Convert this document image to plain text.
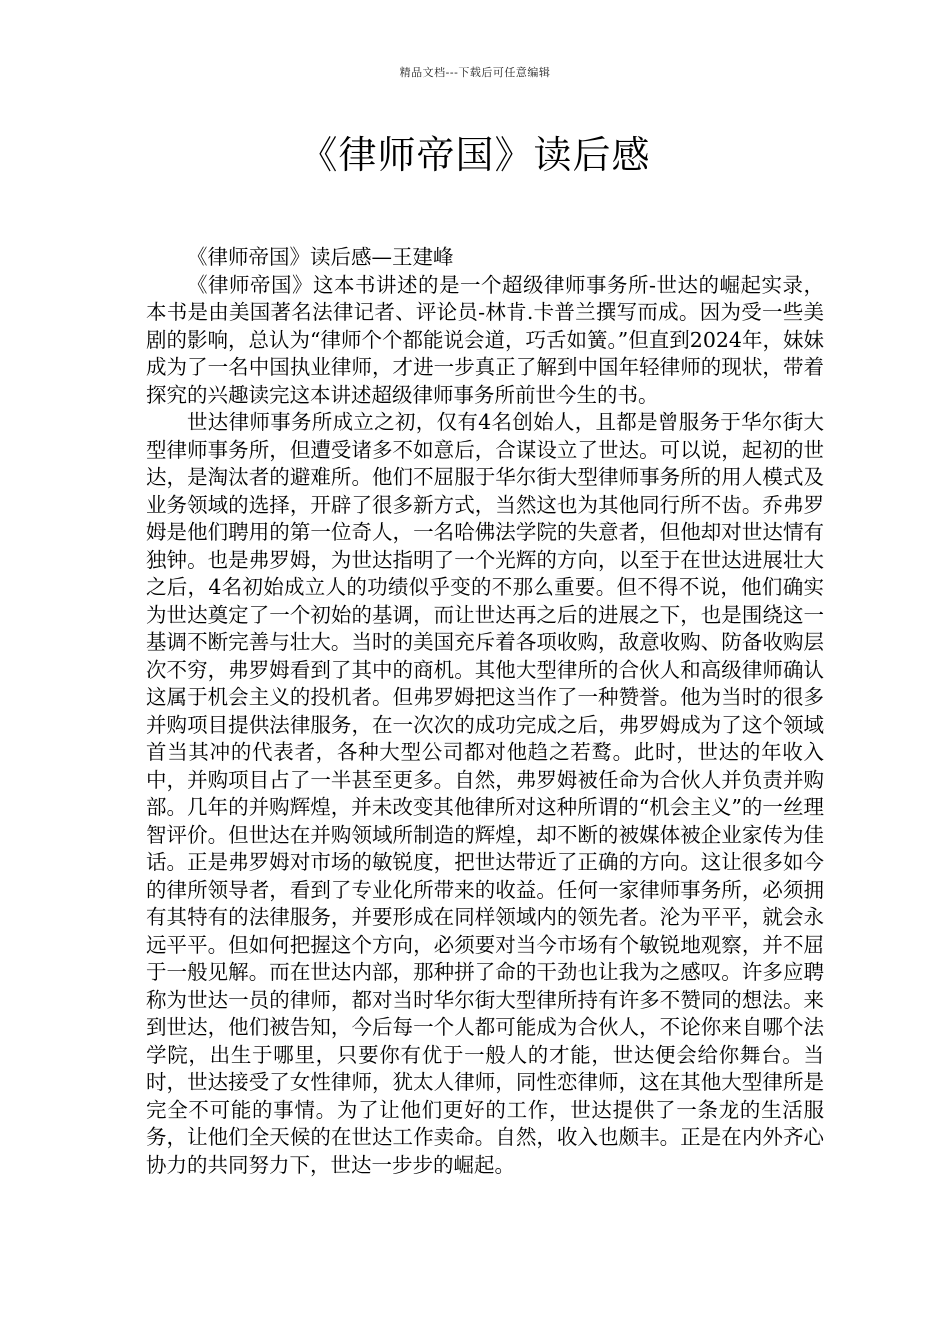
精品文档---下载后可任意编辑
《律师帝国》读后感

《律师帝国》读后感—王建峰

《律师帝国》这本书讲述的是一个超级律师事务所-世达的崛起实录，本书是由美国著名法律记者、评论员-林肯.卡普兰撰写而成。因为受一些美剧的影响，总认为“律师个个都能说会道，巧舌如簧。”但直到2024年，妹妹成为了一名中国执业律师，才进一步真正了解到中国年轻律师的现状，带着探究的兴趣读完这本讲述超级律师事务所前世今生的书。

世达律师事务所成立之初，仅有4名创始人，且都是曾服务于华尔街大型律师事务所，但遭受诸多不如意后，合谋设立了世达。可以说，起初的世达，是淘汰者的避难所。他们不屈服于华尔街大型律师事务所的用人模式及业务领域的选择，开辟了很多新方式，当然这也为其他同行所不齿。乔弗罗姆是他们聘用的第一位奇人，一名哈佛法学院的失意者，但他却对世达情有独钟。也是弗罗姆，为世达指明了一个光辉的方向，以至于在世达进展壮大之后，4名初始成立人的功绩似乎变的不那么重要。但不得不说，他们确实为世达奠定了一个初始的基调，而让世达再之后的进展之下，也是围绕这一基调不断完善与壮大。当时的美国充斥着各项收购，敌意收购、防备收购层次不穷，弗罗姆看到了其中的商机。其他大型律所的合伙人和高级律师确认这属于机会主义的投机者。但弗罗姆把这当作了一种赞誉。他为当时的很多并购项目提供法律服务，在一次次的成功完成之后，弗罗姆成为了这个领域首当其冲的代表者，各种大型公司都对他趋之若鹜。此时，世达的年收入中，并购项目占了一半甚至更多。自然，弗罗姆被任命为合伙人并负责并购部。几年的并购辉煌，并未改变其他律所对这种所谓的“机会主义”的一丝理智评价。但世达在并购领域所制造的辉煌，却不断的被媒体被企业家传为佳话。正是弗罗姆对市场的敏锐度，把世达带近了正确的方向。这让很多如今的律所领导者，看到了专业化所带来的收益。任何一家律师事务所，必须拥有其特有的法律服务，并要形成在同样领域内的领先者。沦为平平，就会永远平平。但如何把握这个方向，必须要对当今市场有个敏锐地观察，并不屈于一般见解。而在世达内部，那种拼了命的干劲也让我为之感叹。许多应聘称为世达一员的律师，都对当时华尔街大型律所持有许多不赞同的想法。来到世达，他们被告知，今后每一个人都可能成为合伙人，不论你来自哪个法学院，出生于哪里，只要你有优于一般人的才能，世达便会给你舞台。当时，世达接受了女性律师，犹太人律师，同性恋律师，这在其他大型律所是完全不可能的事情。为了让他们更好的工作，世达提供了一条龙的生活服务，让他们全天候的在世达工作卖命。自然，收入也颇丰。正是在内外齐心协力的共同努力下，世达一步步的崛起。
